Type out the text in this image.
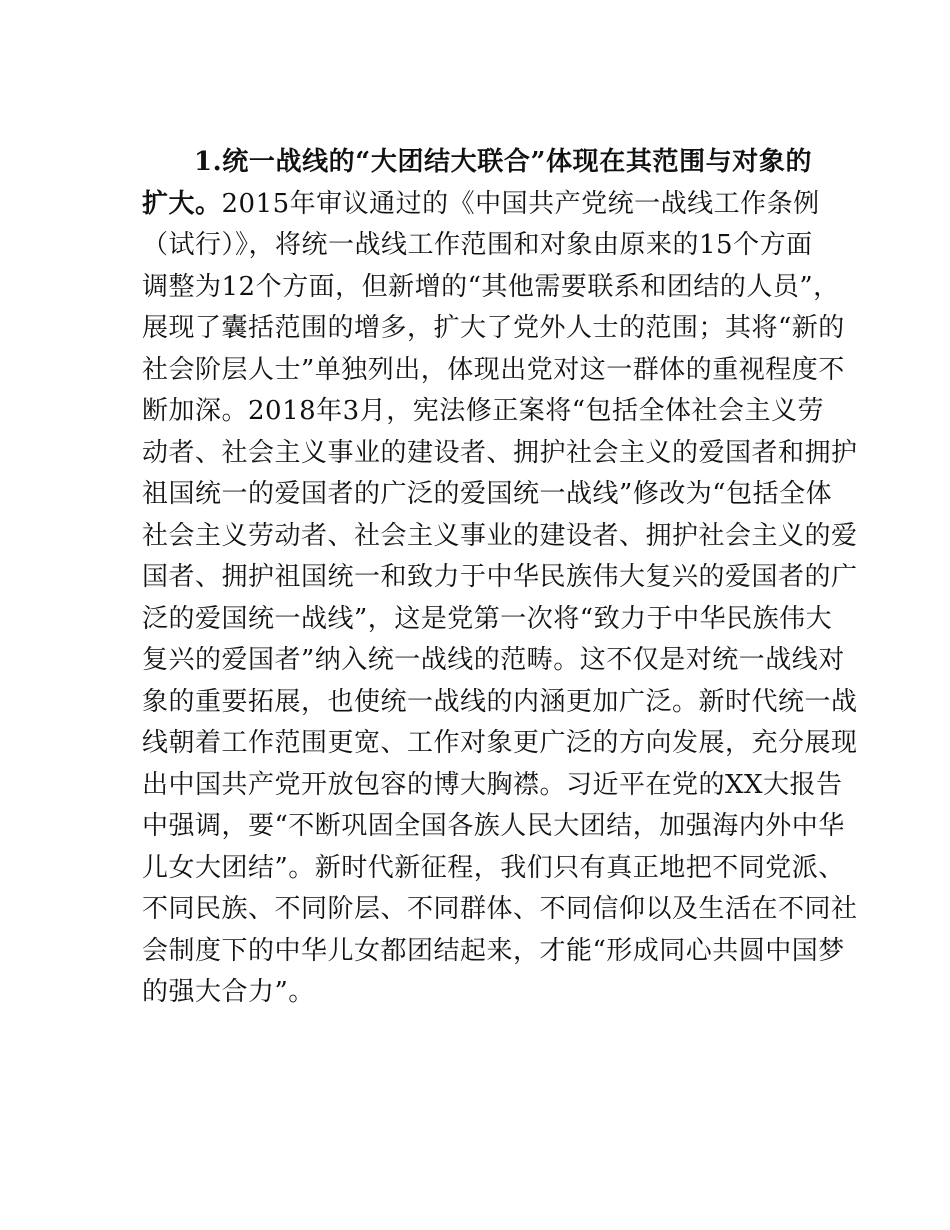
1.统一战线的“大团结大联合”体现在其范围与对象的
扩大。2015年审议通过的《中国共产党统一战线工作条例
（试行）》，将统一战线工作范围和对象由原来的15个方面
调整为12个方面，但新增的“其他需要联系和团结的人员”，
展现了囊括范围的增多，扩大了党外人士的范围；其将“新的
社会阶层人士”单独列出，体现出党对这一群体的重视程度不
断加深。2018年3月，宪法修正案将“包括全体社会主义劳
动者、社会主义事业的建设者、拥护社会主义的爱国者和拥护
祖国统一的爱国者的广泛的爱国统一战线”修改为“包括全体
社会主义劳动者、社会主义事业的建设者、拥护社会主义的爱
国者、拥护祖国统一和致力于中华民族伟大复兴的爱国者的广
泛的爱国统一战线”，这是党第一次将“致力于中华民族伟大
复兴的爱国者”纳入统一战线的范畴。这不仅是对统一战线对
象的重要拓展，也使统一战线的内涵更加广泛。新时代统一战
线朝着工作范围更宽、工作对象更广泛的方向发展，充分展现
出中国共产党开放包容的博大胸襟。习近平在党的XX大报告
中强调，要“不断巩固全国各族人民大团结，加强海内外中华
儿女大团结”。新时代新征程，我们只有真正地把不同党派、
不同民族、不同阶层、不同群体、不同信仰以及生活在不同社
会制度下的中华儿女都团结起来，才能“形成同心共圆中国梦
的强大合力”。
